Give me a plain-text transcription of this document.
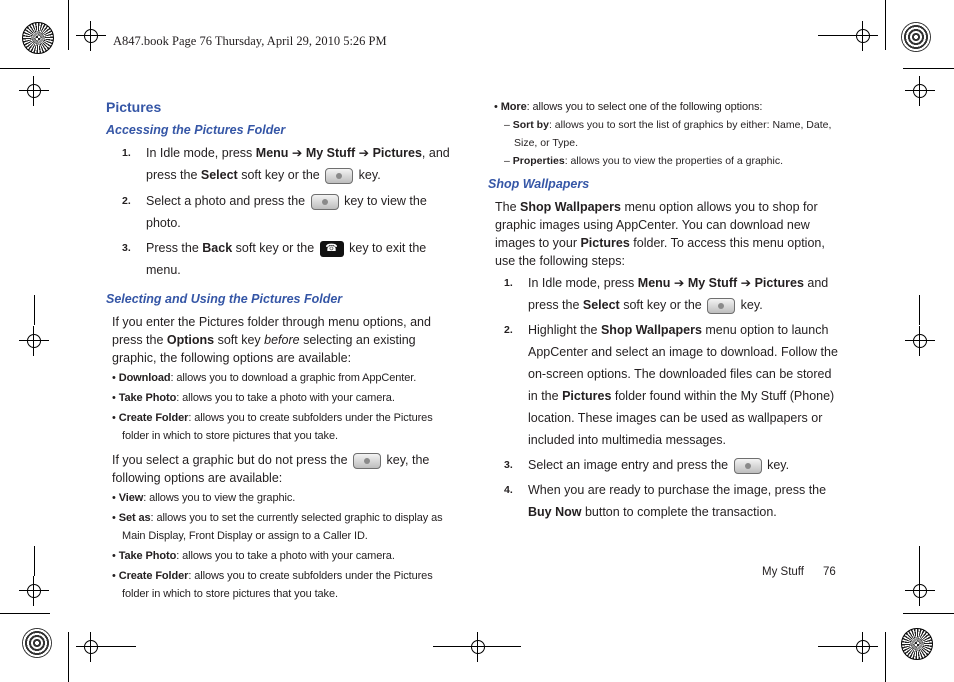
A847.book Page 76 Thursday, April 29, 2010 5:26 PM
Pictures
Accessing the Pictures Folder
1.	In Idle mode, press Menu ➔ My Stuff ➔ Pictures, and press the Select soft key or the	key.
2.	Select a photo and press the	key to view the photo.
3.	Press the Back soft key or the ☎ key to exit the menu.
Selecting and Using the Pictures Folder
If you enter the Pictures folder through menu options, and press the Options soft key before selecting an existing graphic, the following options are available:
• Download: allows you to download a graphic from AppCenter.
• Take Photo: allows you to take a photo with your camera.
• Create Folder: allows you to create subfolders under the Pictures folder in which to store pictures that you take.
If you select a graphic but do not press the	key, the following options are available:
• View: allows you to view the graphic.
• Set as: allows you to set the currently selected graphic to display as Main Display, Front Display or assign to a Caller ID.
• Take Photo: allows you to take a photo with your camera.
• Create Folder: allows you to create subfolders under the Pictures folder in which to store pictures that you take.
• More: allows you to select one of the following options:
– Sort by: allows you to sort the list of graphics by either: Name, Date, Size, or Type.
– Properties: allows you to view the properties of a graphic.
Shop Wallpapers
The Shop Wallpapers menu option allows you to shop for graphic images using AppCenter. You can download new images to your Pictures folder. To access this menu option, use the following steps:
1.	In Idle mode, press Menu ➔ My Stuff ➔ Pictures and press the Select soft key or the	key.
2.	Highlight the Shop Wallpapers menu option to launch AppCenter and select an image to download. Follow the on-screen options. The downloaded files can be stored in the Pictures folder found within the My Stuff (Phone) location. These images can be used as wallpapers or included into multimedia messages.
3.	Select an image entry and press the	key.
4.	When you are ready to purchase the image, press the Buy Now button to complete the transaction.
My Stuff 76
